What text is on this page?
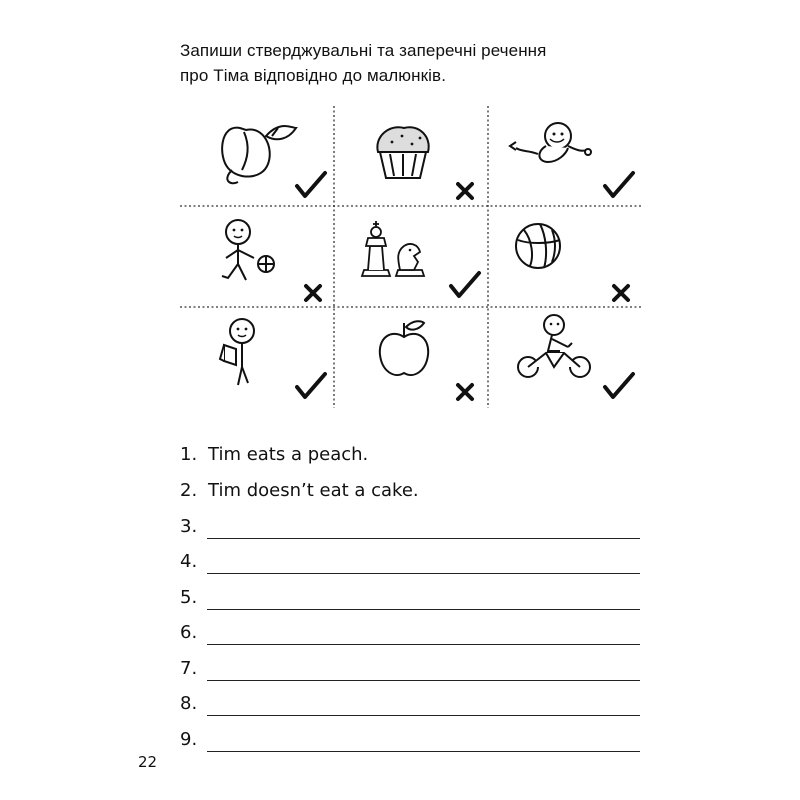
Запиши стверджувальні та заперечні речення
про Тіма відповідно до малюнків.
1. Tim eats a peach.
2. Tim doesn’t eat a cake.
3.
4.
5.
6.
7.
8.
9.
22
